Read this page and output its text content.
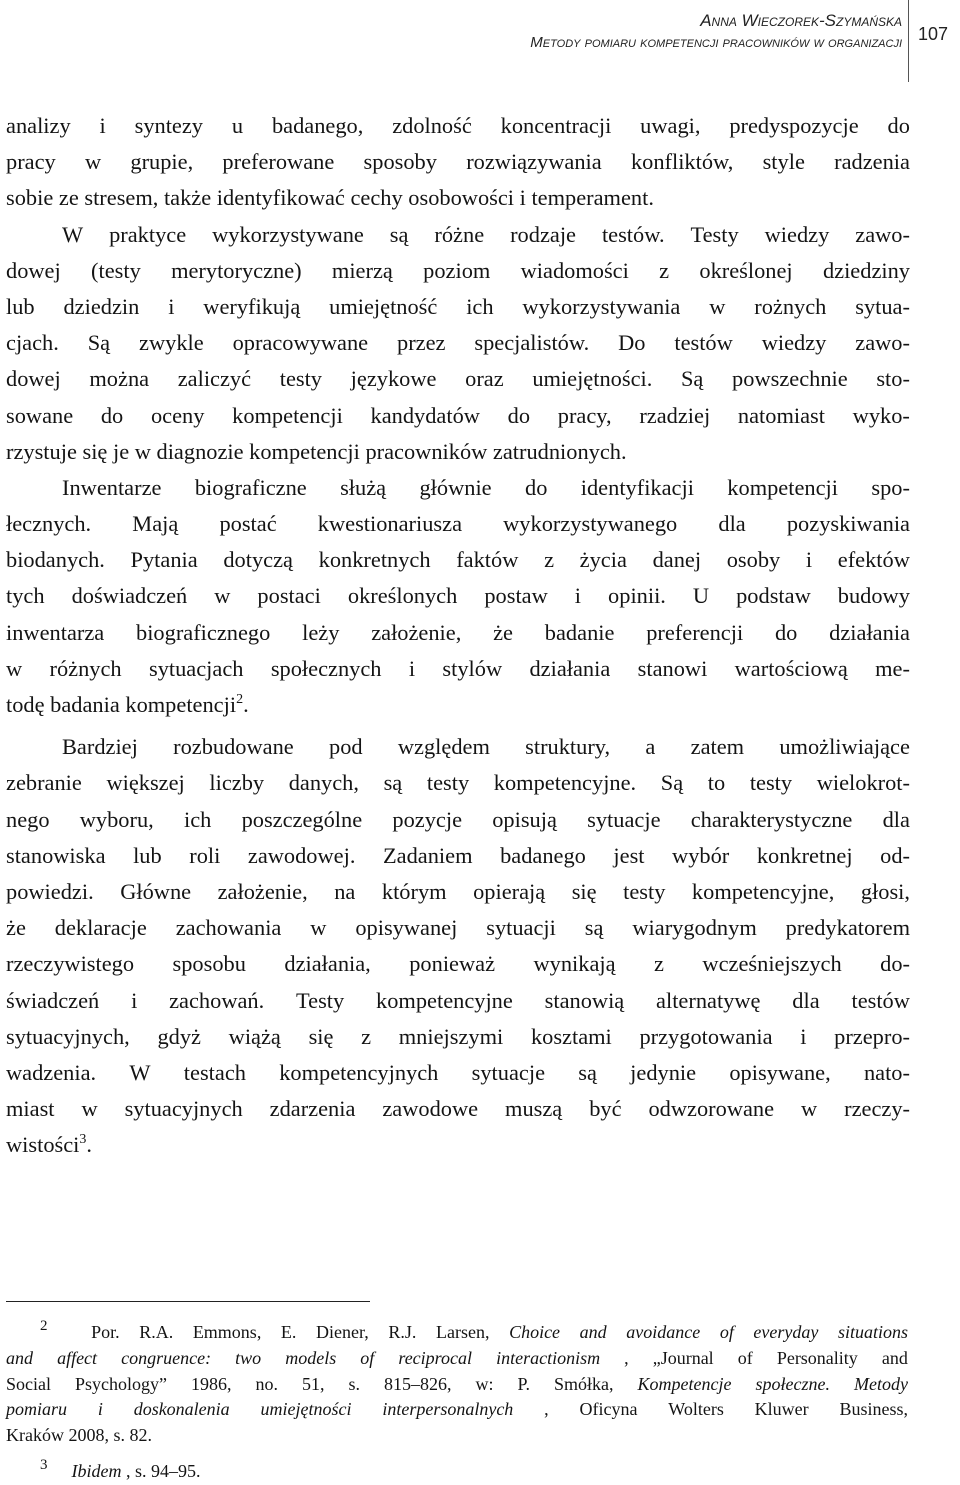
Anna Wieczorek-Szymańska
Metody pomiaru kompetencji pracowników w organizacji 107
analizy i syntezy u badanego, zdolność koncentracji uwagi, predyspozycje do
pracy w grupie, preferowane sposoby rozwiązywania konfliktów, style radzenia
sobie ze stresem, także identyfikować cechy osobowości i temperament.
W praktyce wykorzystywane są różne rodzaje testów. Testy wiedzy zawo-
dowej (testy merytoryczne) mierzą poziom wiadomości z określonej dziedziny
lub dziedzin i weryfikują umiejętność ich wykorzystywania w rożnych sytua-
cjach. Są zwykle opracowywane przez specjalistów. Do testów wiedzy zawo-
dowej można zaliczyć testy językowe oraz umiejętności. Są powszechnie sto-
sowane do oceny kompetencji kandydatów do pracy, rzadziej natomiast wyko-
rzystuje się je w diagnozie kompetencji pracowników zatrudnionych.
Inwentarze biograficzne służą głównie do identyfikacji kompetencji spo-
łecznych. Mają postać kwestionariusza wykorzystywanego dla pozyskiwania
biodanych. Pytania dotyczą konkretnych faktów z życia danej osoby i efektów
tych doświadczeń w postaci określonych postaw i opinii. U podstaw budowy
inwentarza biograficznego leży założenie, że badanie preferencji do działania
w różnych sytuacjach społecznych i stylów działania stanowi wartościową me-
todę badania kompetencji$^2$.
Bardziej rozbudowane pod względem struktury, a zatem umożliwiające
zebranie większej liczby danych, są testy kompetencyjne. Są to testy wielokrot-
nego wyboru, ich poszczególne pozycje opisują sytuacje charakterystyczne dla
stanowiska lub roli zawodowej. Zadaniem badanego jest wybór konkretnej od-
powiedzi. Główne założenie, na którym opierają się testy kompetencyjne, głosi,
że deklaracje zachowania w opisywanej sytuacji są wiarygodnym predykatorem
rzeczywistego sposobu działania, ponieważ wynikają z wcześniejszych do-
świadczeń i zachowań. Testy kompetencyjne stanowią alternatywę dla testów
sytuacyjnych, gdyż wiążą się z mniejszymi kosztami przygotowania i przepro-
wadzenia. W testach kompetencyjnych sytuacje są jedynie opisywane, nato-
miast w sytuacyjnych zdarzenia zawodowe muszą być odwzorowane w rzeczy-
wistości$^3$.
2 Por. R.A. Emmons, E. Diener, R.J. Larsen, Choice and avoidance of everyday situations
and affect congruence: two models of reciprocal interactionism , „Journal of Personality and
Social Psychology” 1986, no. 51, s. 815–826, w: P. Smółka, Kompetencje społeczne. Metody
pomiaru i doskonalenia umiejętności interpersonalnych , Oficyna Wolters Kluwer Business,
Kraków 2008, s. 82.
3 Ibidem , s. 94–95.
